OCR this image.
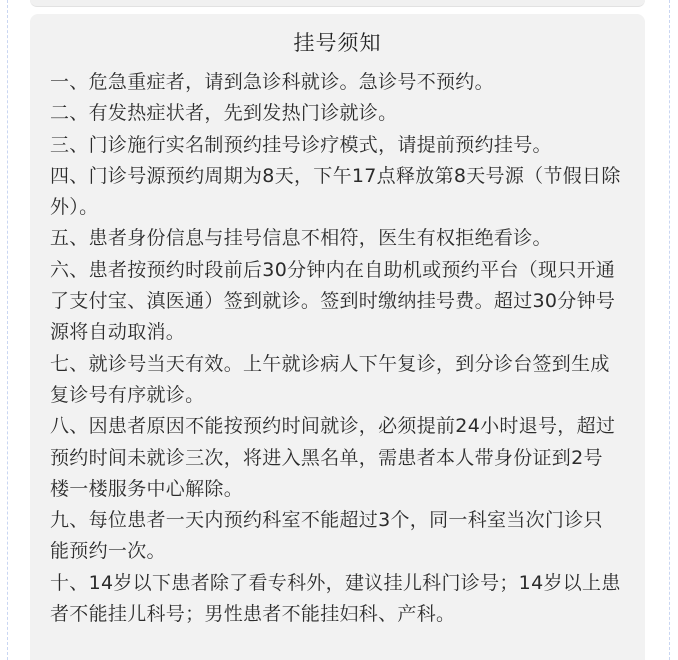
挂号须知

一、危急重症者，请到急诊科就诊。急诊号不预约。

二、有发热症状者，先到发热门诊就诊。

三、门诊施行实名制预约挂号诊疗模式，请提前预约挂号。

四、门诊号源预约周期为8天，下午17点释放第8天号源（节假日除外）。

五、患者身份信息与挂号信息不相符，医生有权拒绝看诊。

六、患者按预约时段前后30分钟内在自助机或预约平台（现只开通了支付宝、滇医通）签到就诊。签到时缴纳挂号费。超过30分钟号源将自动取消。

七、就诊号当天有效。上午就诊病人下午复诊，到分诊台签到生成复诊号有序就诊。

八、因患者原因不能按预约时间就诊，必须提前24小时退号，超过预约时间未就诊三次，将进入黑名单，需患者本人带身份证到2号楼一楼服务中心解除。

九、每位患者一天内预约科室不能超过3个，同一科室当次门诊只能预约一次。

十、14岁以下患者除了看专科外，建议挂儿科门诊号；14岁以上患者不能挂儿科号；男性患者不能挂妇科、产科。
